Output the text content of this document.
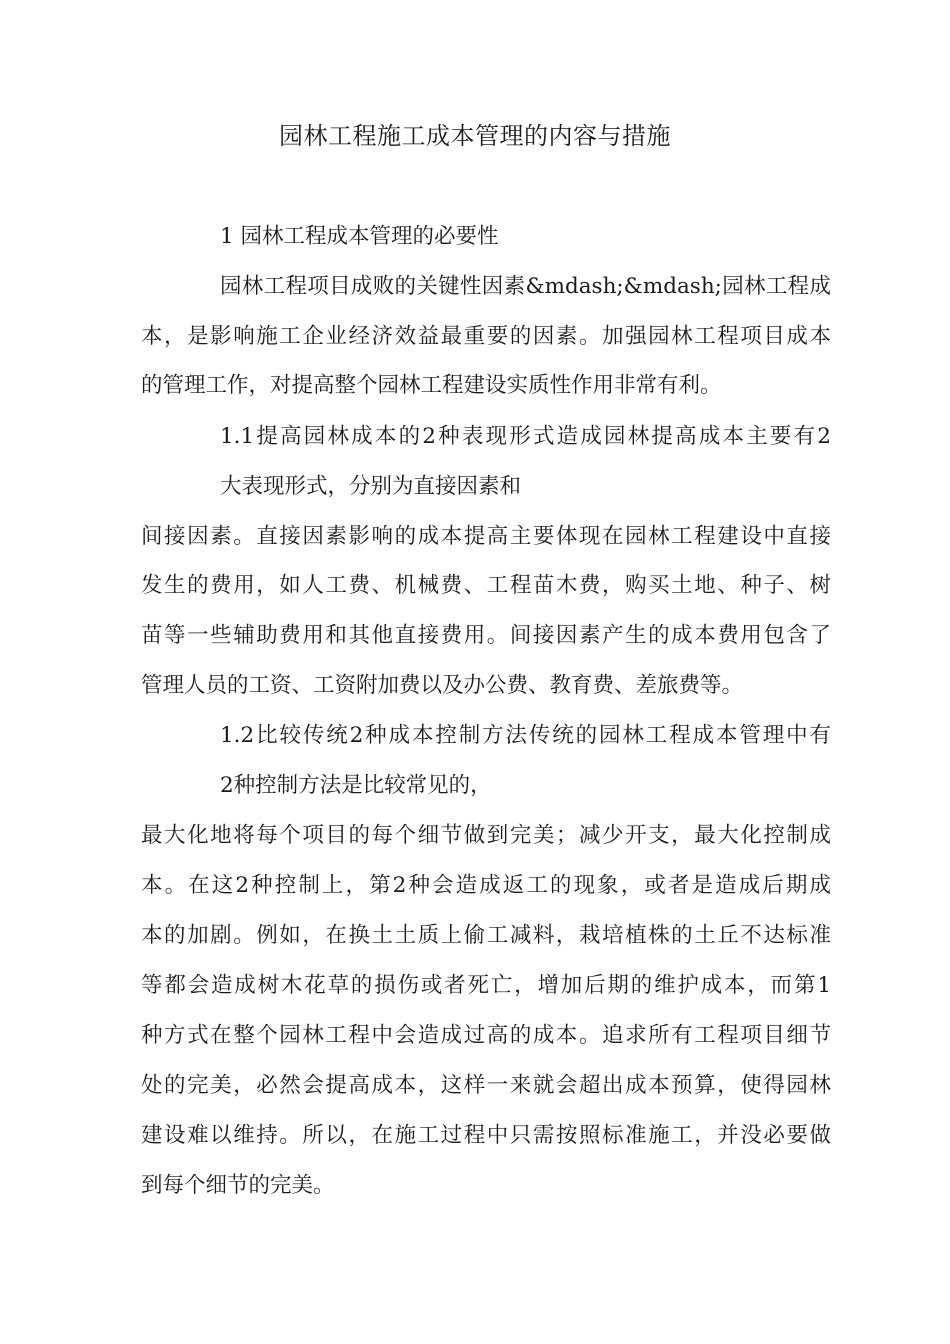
园林工程施工成本管理的内容与措施
1 园林工程成本管理的必要性
园林工程项目成败的关键性因素&mdash;&mdash;园林工程成
本，是影响施工企业经济效益最重要的因素。加强园林工程项目成本
的管理工作，对提高整个园林工程建设实质性作用非常有利。
1.1提高园林成本的2种表现形式造成园林提高成本主要有2
大表现形式，分别为直接因素和
间接因素。直接因素影响的成本提高主要体现在园林工程建设中直接
发生的费用，如人工费、机械费、工程苗木费，购买土地、种子、树
苗等一些辅助费用和其他直接费用。间接因素产生的成本费用包含了
管理人员的工资、工资附加费以及办公费、教育费、差旅费等。
1.2比较传统2种成本控制方法传统的园林工程成本管理中有
2种控制方法是比较常见的，
最大化地将每个项目的每个细节做到完美；减少开支，最大化控制成
本。在这2种控制上，第2种会造成返工的现象，或者是造成后期成
本的加剧。例如，在换土土质上偷工减料，栽培植株的土丘不达标准
等都会造成树木花草的损伤或者死亡，增加后期的维护成本，而第1
种方式在整个园林工程中会造成过高的成本。追求所有工程项目细节
处的完美，必然会提高成本，这样一来就会超出成本预算，使得园林
建设难以维持。所以，在施工过程中只需按照标准施工，并没必要做
到每个细节的完美。
